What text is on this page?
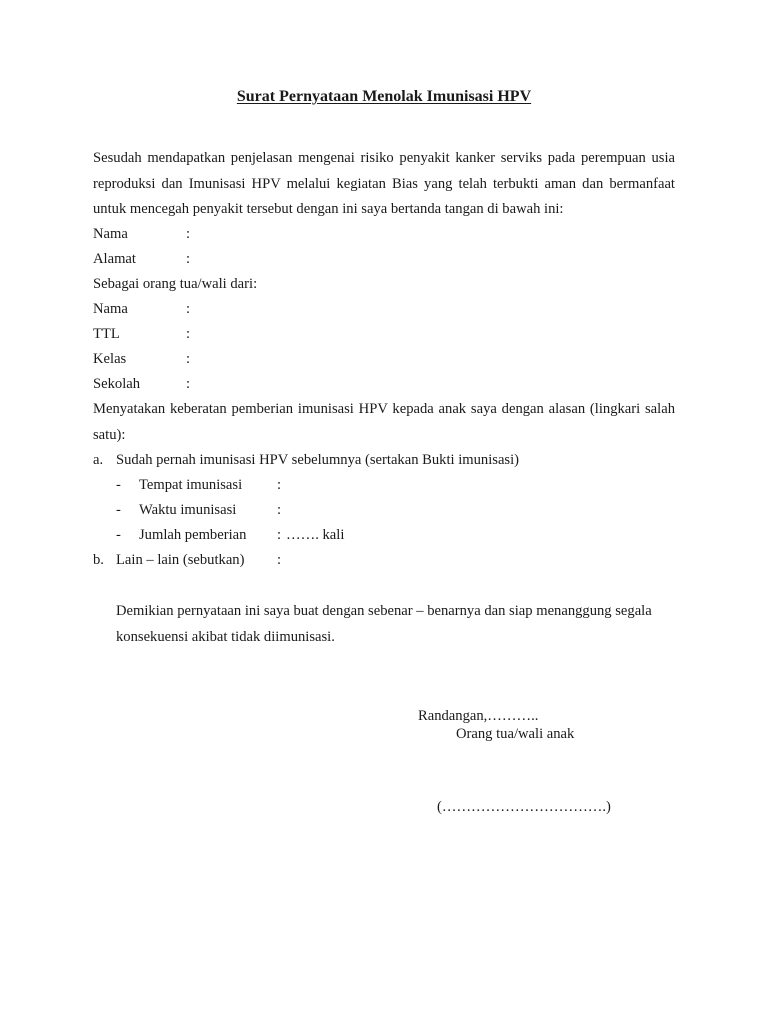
Surat Pernyataan Menolak Imunisasi HPV
Sesudah mendapatkan penjelasan mengenai risiko penyakit kanker serviks pada perempuan usia reproduksi dan Imunisasi HPV melalui kegiatan Bias yang telah terbukti aman dan bermanfaat untuk mencegah penyakit tersebut dengan ini saya bertanda tangan di bawah ini:
Nama	:
Alamat	:
Sebagai orang tua/wali dari:
Nama	:
TTL	:
Kelas	:
Sekolah	:
Menyatakan keberatan pemberian imunisasi HPV kepada anak saya dengan alasan (lingkari salah satu):
a. Sudah pernah imunisasi HPV sebelumnya (sertakan Bukti imunisasi)
- Tempat imunisasi :
- Waktu imunisasi	:
- Jumlah pemberian : ……. kali
b. Lain – lain (sebutkan) :
Demikian pernyataan ini saya buat dengan sebenar – benarnya dan siap menanggung segala konsekuensi akibat tidak diimunisasi.
Randangan,………..
Orang tua/wali anak
(…………………………….)
